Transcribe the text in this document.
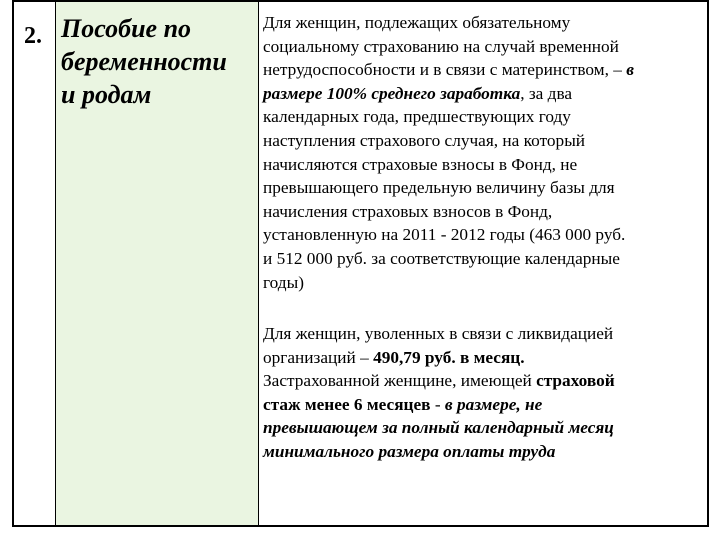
2. Пособие по
беременности
и родам
Для женщин, подлежащих обязательному
социальному страхованию на случай временной
нетрудоспособности и в связи с материнством, – в
размере 100% среднего заработка, за два
календарных года, предшествующих году
наступления страхового случая, на который
начисляются страховые взносы в Фонд, не
превышающего предельную величину базы для
начисления страховых взносов в Фонд,
установленную на 2011 - 2012 годы (463 000 руб.
и 512 000 руб. за соответствующие календарные
годы)
Для женщин, уволенных в связи с ликвидацией
организаций – 490,79 руб. в месяц.
Застрахованной женщине, имеющей страховой
стаж менее 6 месяцев - в размере, не
превышающем за полный календарный месяц
минимального размера оплаты труда
